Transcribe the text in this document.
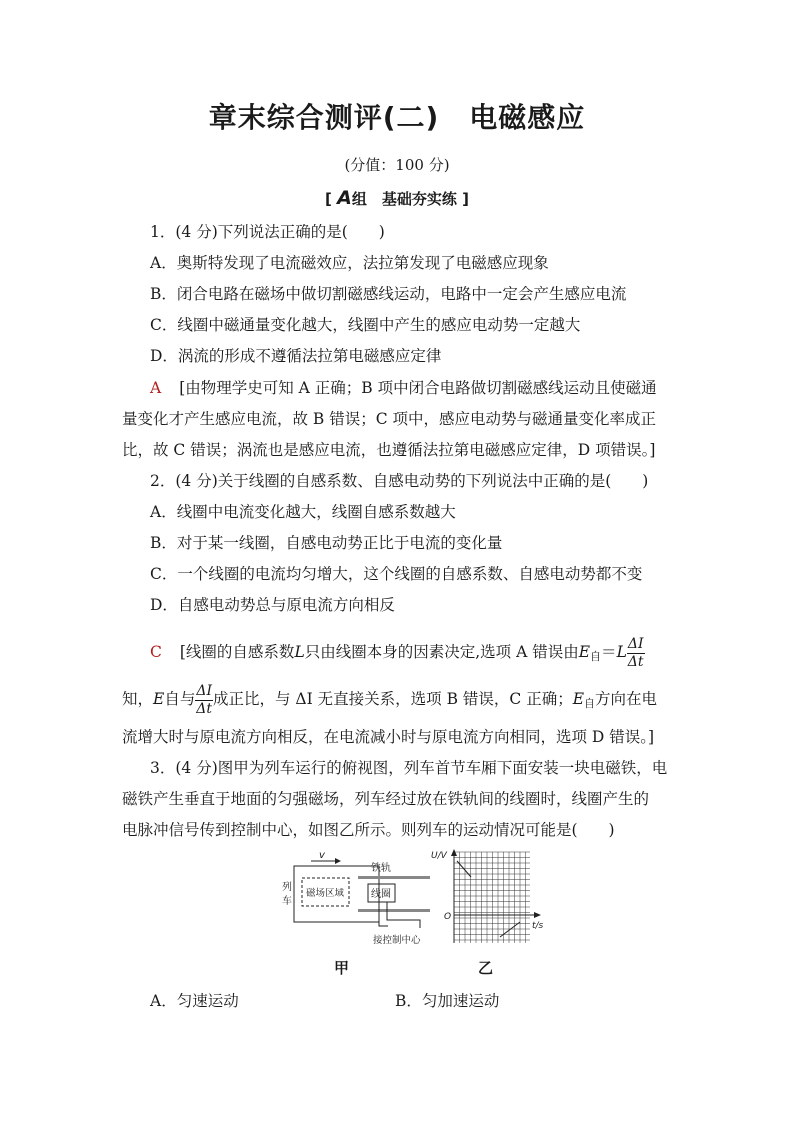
章末综合测评(二) 电磁感应
(分值：100 分)
[ A组　基础夯实练 ]
1．(4 分)下列说法正确的是(　　)
A．奥斯特发现了电流磁效应，法拉第发现了电磁感应现象
B．闭合电路在磁场中做切割磁感线运动，电路中一定会产生感应电流
C．线圈中磁通量变化越大，线圈中产生的感应电动势一定越大
D．涡流的形成不遵循法拉第电磁感应定律
A [由物理学史可知 A 正确；B 项中闭合电路做切割磁感线运动且使磁通
量变化才产生感应电流，故 B 错误；C 项中，感应电动势与磁通量变化率成正
比，故 C 错误；涡流也是感应电流，也遵循法拉第电磁感应定律，D 项错误。]
2．(4 分)关于线圈的自感系数、自感电动势的下列说法中正确的是(　　)
A．线圈中电流变化越大，线圈自感系数越大
B．对于某一线圈，自感电动势正比于电流的变化量
C．一个线圈的电流均匀增大，这个线圈的自感系数、自感电动势都不变
D．自感电动势总与原电流方向相反
C [线圈的自感系数L只由线圈本身的因素决定,选项 A 错误由E自$=L \frac{\Delta I}{\Delta t}$
知，E自与 $\frac{\Delta I}{\Delta t}$ 成正比，与 ΔI 无直接关系，选项 B 错误，C 正确；E自方向在电
流增大时与原电流方向相反，在电流减小时与原电流方向相同，选项 D 错误。]
3．(4 分)图甲为列车运行的俯视图，列车首节车厢下面安装一块电磁铁，电
磁铁产生垂直于地面的匀强磁场，列车经过放在铁轨间的线圈时，线圈产生的
电脉冲信号传到控制中心，如图乙所示。则列车的运动情况可能是(　　)
v
磁场区域
列
车
铁轨
线圈
接控制中心
甲
U/V
t/s
O
乙
A．匀速运动	B．匀加速运动
